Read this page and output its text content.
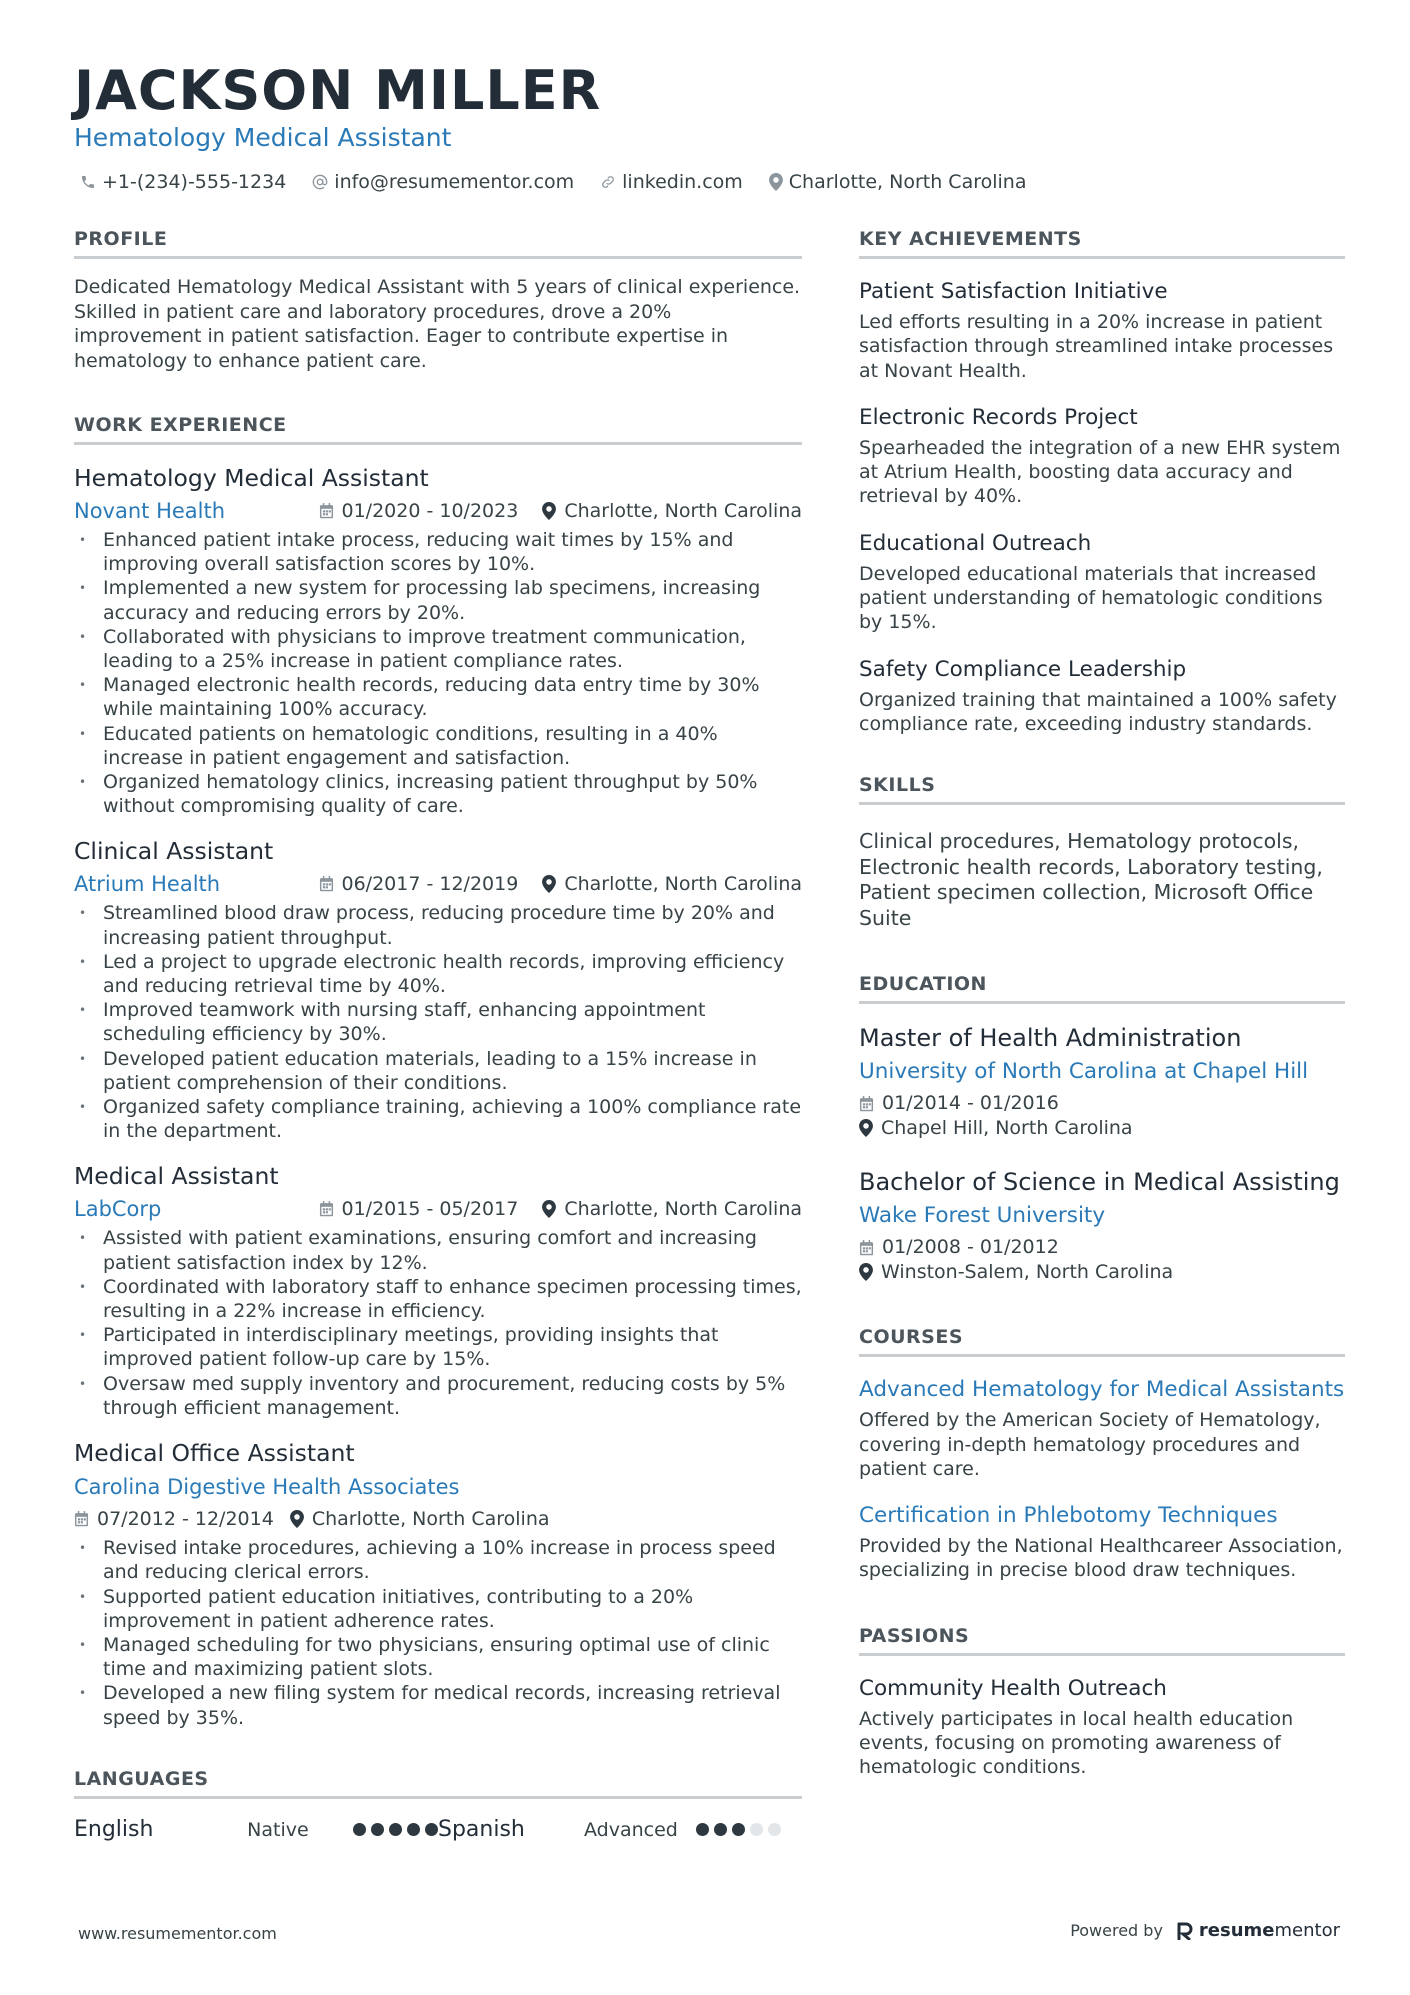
JACKSON MILLER
Hematology Medical Assistant
+1-(234)-555-1234	info@resumementor.com	linkedin.com Charlotte, North Carolina
PROFILE

Dedicated Hematology Medical Assistant with 5 years of clinical experience. Skilled in patient care and laboratory procedures, drove a 20% improvement in patient satisfaction. Eager to contribute expertise in hematology to enhance patient care.

WORK EXPERIENCE
Hematology Medical Assistant
Novant Health	01/2020 - 10/2023 Charlotte, North Carolina
• Enhanced patient intake process, reducing wait times by 15% and improving overall satisfaction scores by 10%.
• Implemented a new system for processing lab specimens, increasing accuracy and reducing errors by 20%.
• Collaborated with physicians to improve treatment communication, leading to a 25% increase in patient compliance rates.
• Managed electronic health records, reducing data entry time by 30% while maintaining 100% accuracy.
• Educated patients on hematologic conditions, resulting in a 40% increase in patient engagement and satisfaction.
• Organized hematology clinics, increasing patient throughput by 50% without compromising quality of care.
Clinical Assistant
Atrium Health	06/2017 - 12/2019 Charlotte, North Carolina
• Streamlined blood draw process, reducing procedure time by 20% and increasing patient throughput.
• Led a project to upgrade electronic health records, improving efficiency and reducing retrieval time by 40%.
• Improved teamwork with nursing staff, enhancing appointment scheduling efficiency by 30%.
• Developed patient education materials, leading to a 15% increase in patient comprehension of their conditions.
• Organized safety compliance training, achieving a 100% compliance rate in the department.
Medical Assistant
LabCorp	01/2015 - 05/2017 Charlotte, North Carolina
• Assisted with patient examinations, ensuring comfort and increasing patient satisfaction index by 12%.
• Coordinated with laboratory staff to enhance specimen processing times, resulting in a 22% increase in efficiency.
• Participated in interdisciplinary meetings, providing insights that improved patient follow-up care by 15%.
• Oversaw med supply inventory and procurement, reducing costs by 5% through efficient management.
Medical Office Assistant
Carolina Digestive Health Associates
07/2012 - 12/2014 Charlotte, North Carolina
• Revised intake procedures, achieving a 10% increase in process speed and reducing clerical errors.
• Supported patient education initiatives, contributing to a 20% improvement in patient adherence rates.
• Managed scheduling for two physicians, ensuring optimal use of clinic time and maximizing patient slots.
• Developed a new filing system for medical records, increasing retrieval speed by 35%.
LANGUAGES
English	Native	Spanish	Advanced
KEY ACHIEVEMENTS
Patient Satisfaction Initiative
Led efforts resulting in a 20% increase in patient satisfaction through streamlined intake processes at Novant Health.
Electronic Records Project
Spearheaded the integration of a new EHR system at Atrium Health, boosting data accuracy and retrieval by 40%.
Educational Outreach
Developed educational materials that increased patient understanding of hematologic conditions by 15%.
Safety Compliance Leadership
Organized training that maintained a 100% safety compliance rate, exceeding industry standards.
SKILLS
Clinical procedures, Hematology protocols, Electronic health records, Laboratory testing, Patient specimen collection, Microsoft Office Suite
EDUCATION
Master of Health Administration
University of North Carolina at Chapel Hill
01/2014 - 01/2016
Chapel Hill, North Carolina
Bachelor of Science in Medical Assisting
Wake Forest University
01/2008 - 01/2012
Winston-Salem, North Carolina
COURSES
Advanced Hematology for Medical Assistants
Offered by the American Society of Hematology, covering in-depth hematology procedures and patient care.
Certification in Phlebotomy Techniques
Provided by the National Healthcareer Association, specializing in precise blood draw techniques.
PASSIONS
Community Health Outreach
Actively participates in local health education events, focusing on promoting awareness of hematologic conditions.
www.resumementor.com	Powered by resumementor
